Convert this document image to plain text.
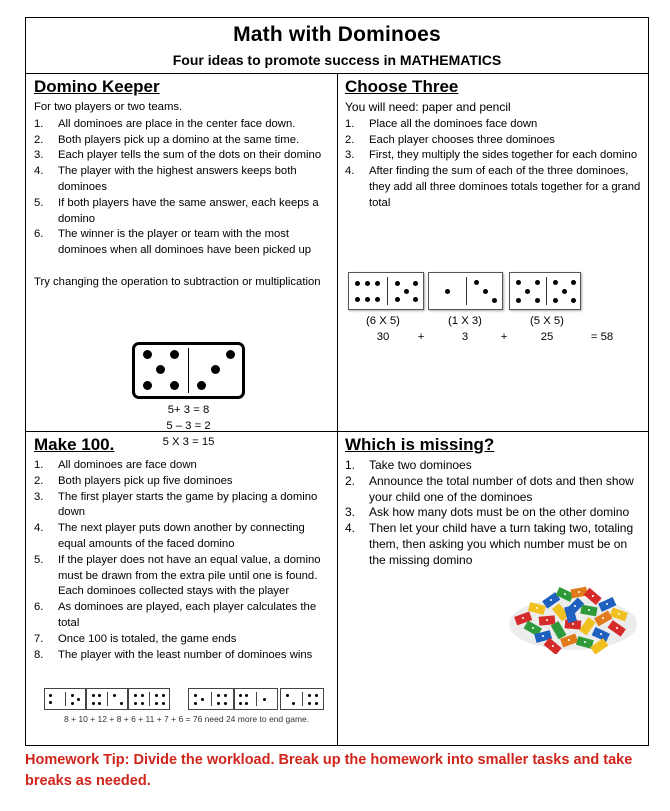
Math with Dominoes
Four ideas to promote success in MATHEMATICS
Domino Keeper
For two players or two teams.
1. All dominoes are place in the center face down.
2. Both players pick up a domino at the same time.
3. Each player tells the sum of the dots on their domino
4. The player with the highest answers keeps both dominoes
5. If both players have the same answer, each keeps a domino
6. The winner is the player or team with the most dominoes when all dominoes have been picked up
Try changing the operation to subtraction or multiplication
5+ 3 = 8
5 – 3 = 2
5 X 3 = 15
Choose Three
You will need: paper and pencil
1. Place all the dominoes face down
2. Each player chooses three dominoes
3. First, they multiply the sides together for each domino
4. After finding the sum of each of the three dominoes, they add all three dominoes totals together for a grand total
(6 X 5)	(1 X 3)	(5 X 5)
30	+	3	+	25	= 58
Make 100.
1. All dominoes are face down
2. Both players pick up five dominoes
3. The first player starts the game by placing a domino down
4. The next player puts down another by connecting equal amounts of the faced domino
5. If the player does not have an equal value, a domino must be drawn from the extra pile until one is found. Each dominoes collected stays with the player
6. As dominoes are played, each player calculates the total
7. Once 100 is totaled, the game ends
8. The player with the least number of dominoes wins
8 + 10 + 12 + 8 + 6 + 11 + 7 + 6 = 76 need 24 more to end game.
Which is missing?
1. Take two dominoes
2. Announce the total number of dots and then show your child one of the dominoes
3. Ask how many dots must be on the other domino
4. Then let your child have a turn taking two, totaling them, then asking you which number must be on the missing domino
Homework Tip: Divide the workload. Break up the homework into smaller tasks and take breaks as needed.
